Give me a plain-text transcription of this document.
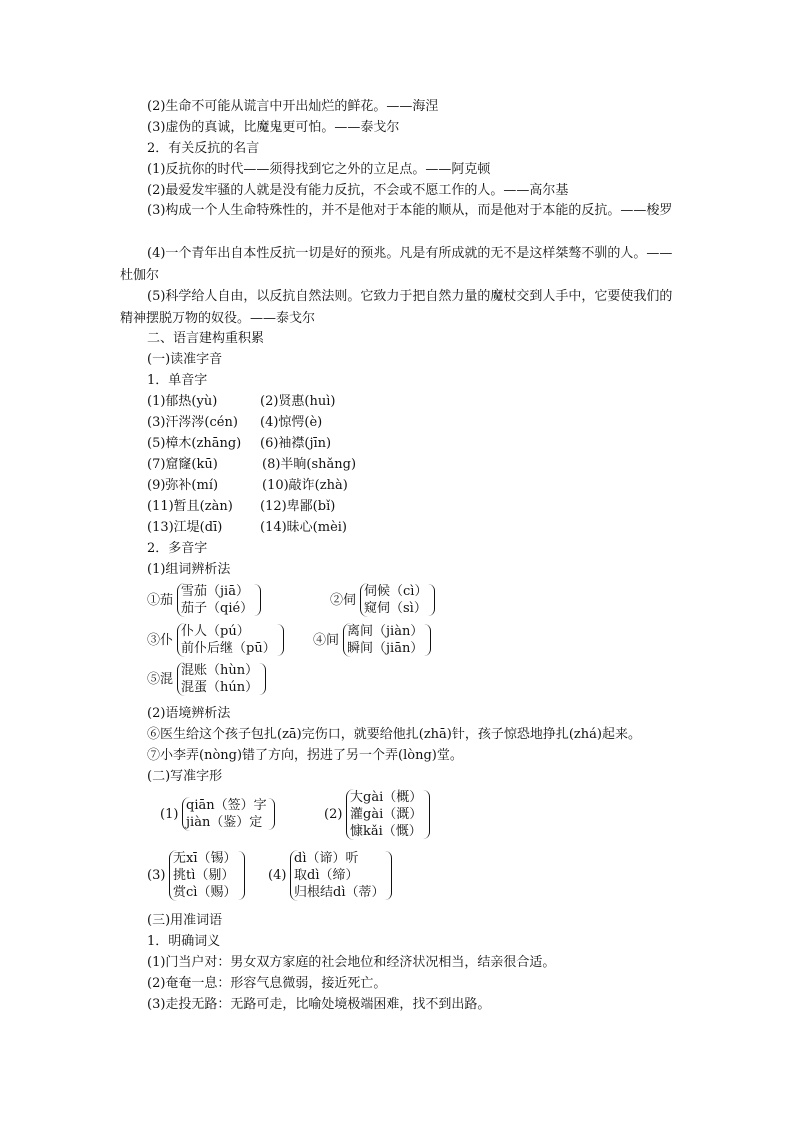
(2)生命不可能从谎言中开出灿烂的鲜花。——海涅
(3)虚伪的真诚，比魔鬼更可怕。——泰戈尔
2．有关反抗的名言
(1)反抗你的时代——须得找到它之外的立足点。——阿克顿
(2)最爱发牢骚的人就是没有能力反抗，不会或不愿工作的人。——高尔基
(3)构成一个人生命特殊性的，并不是他对于本能的顺从，而是他对于本能的反抗。——梭罗
(4)一个青年出自本性反抗一切是好的预兆。凡是有所成就的无不是这样桀骜不驯的人。——杜伽尔
(5)科学给人自由，以反抗自然法则。它致力于把自然力量的魔杖交到人手中，它要使我们的精神摆脱万物的奴役。——泰戈尔
二、语言建构重积累
(一)读准字音
1．单音字
(1)郁热(yù)	(2)贤惠(huì)
(3)汗涔涔(cén) (4)惊愕(è)
(5)樟木(zhāng) (6)袖襟(jīn)
(7)窟窿(kū)	(8)半晌(shǎng)
(9)弥补(mí)	(10)敲诈(zhà)
(11)暂且(zàn) (12)卑鄙(bǐ)
(13)江堤(dī)	(14)昧心(mèi)
2．多音字
(1)组词辨析法
①茄
雪茄（jiā）
茄子（qié）
②伺
伺候（cì）
窥伺（sì）
③仆
仆人（pú）
前仆后继（pū）
④间
离间（jiàn）
瞬间（jiān）
⑤混
混账（hùn）
混蛋（hún）
(2)语境辨析法
⑥医生给这个孩子包扎(zā)完伤口，就要给他扎(zhā)针，孩子惊恐地挣扎(zhá)起来。
⑦小李弄(nòng)错了方向，拐进了另一个弄(lòng)堂。
(二)写准字形
(1)
qiān（签）字
jiàn（鉴）定
(2)
大gài（概）
灌gài（溉）
慷kǎi（慨）
(3)
无xī（锡）
挑tì（剔）
赏cì（赐）
(4)
dì（谛）听
取dì（缔）
归根结dì（蒂）
(三)用准词语
1．明确词义
(1)门当户对：男女双方家庭的社会地位和经济状况相当，结亲很合适。
(2)奄奄一息：形容气息微弱，接近死亡。
(3)走投无路：无路可走，比喻处境极端困难，找不到出路。
